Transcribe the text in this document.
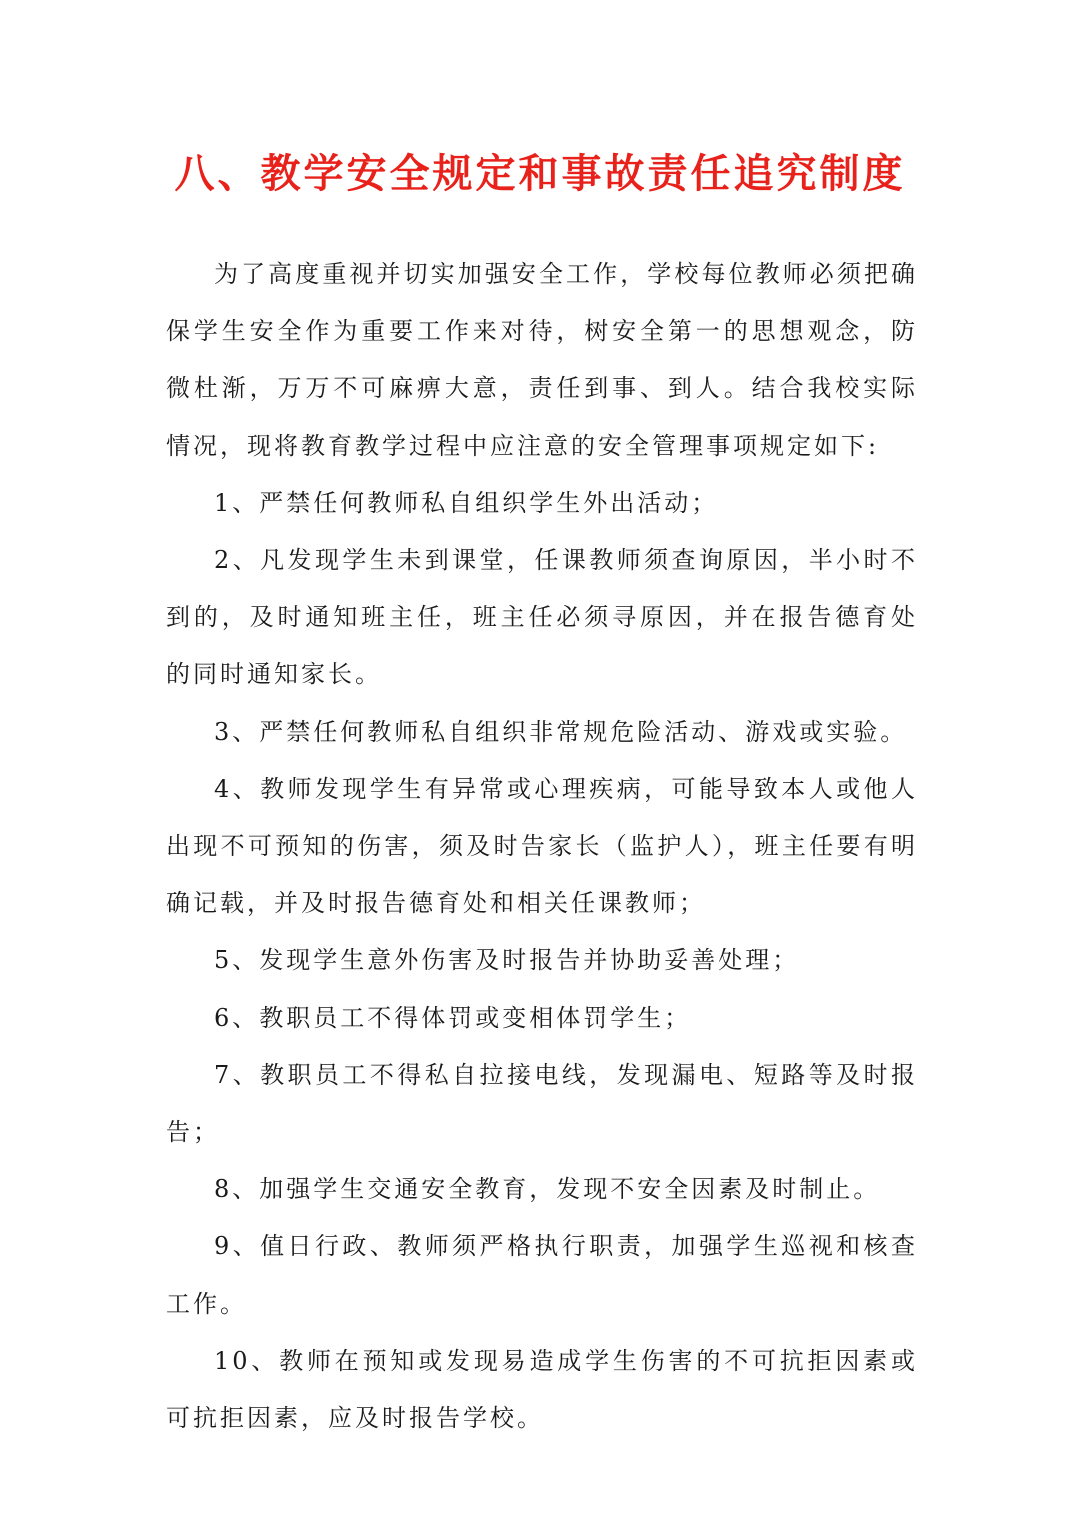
八、教学安全规定和事故责任追究制度

为了高度重视并切实加强安全工作，学校每位教师必须把确保学生安全作为重要工作来对待，树安全第一的思想观念，防微杜渐，万万不可麻痹大意，责任到事、到人。结合我校实际情况，现将教育教学过程中应注意的安全管理事项规定如下:

1、严禁任何教师私自组织学生外出活动；

2、凡发现学生未到课堂，任课教师须查询原因，半小时不到的，及时通知班主任，班主任必须寻原因，并在报告德育处的同时通知家长。

3、严禁任何教师私自组织非常规危险活动、游戏或实验。

4、教师发现学生有异常或心理疾病，可能导致本人或他人出现不可预知的伤害，须及时告家长（监护人），班主任要有明确记载，并及时报告德育处和相关任课教师；

5、发现学生意外伤害及时报告并协助妥善处理；

6、教职员工不得体罚或变相体罚学生；

7、教职员工不得私自拉接电线，发现漏电、短路等及时报告；

8、加强学生交通安全教育，发现不安全因素及时制止。

9、值日行政、教师须严格执行职责，加强学生巡视和核查工作。

10、教师在预知或发现易造成学生伤害的不可抗拒因素或可抗拒因素，应及时报告学校。
